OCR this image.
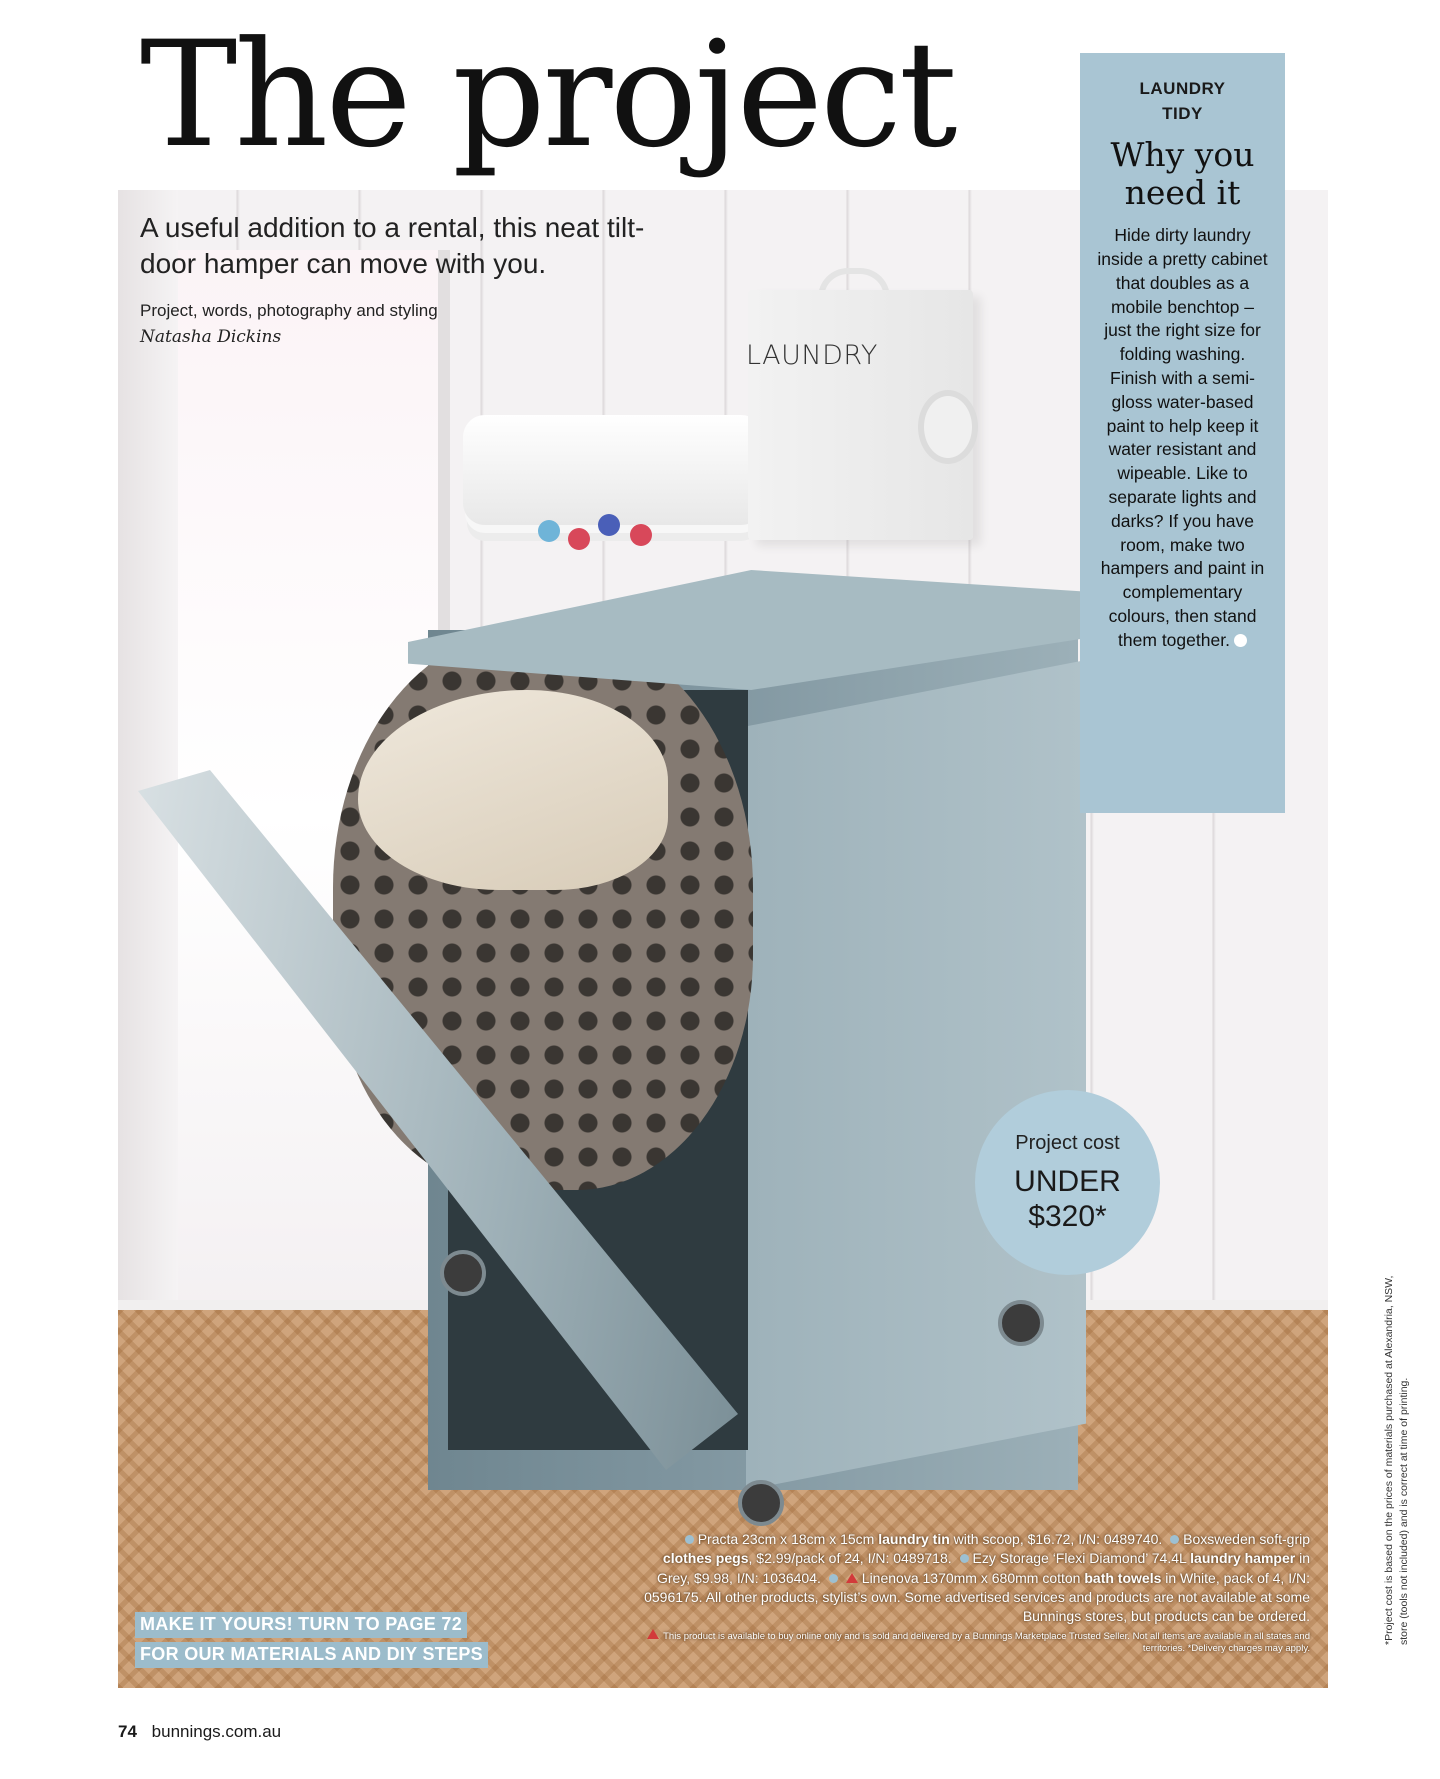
The project
LAUNDRY

A useful addition to a rental, this neat tilt-door hamper can move with you.

Project, words, photography and styling Natasha Dickins

LAUNDRY
TIDY

Why you
need it

Hide dirty laundry inside a pretty cabinet that doubles as a mobile benchtop – just the right size for folding washing. Finish with a semi-gloss water-based paint to help keep it water resistant and wipeable. Like to separate lights and darks? If you have room, make two hampers and paint in complementary colours, then stand them together.

Project cost
UNDER
$320*

Practa 23cm x 18cm x 15cm laundry tin with scoop, $16.72, I/N: 0489740. Boxsweden soft-grip clothes pegs, $2.99/pack of 24, I/N: 0489718. Ezy Storage ‘Flexi Diamond’ 74.4L laundry hamper in Grey, $9.98, I/N: 1036404.	Linenova 1370mm x 680mm cotton bath towels in White, pack of 4, I/N: 0596175. All other products, stylist’s own. Some advertised services and products are not available at some Bunnings stores, but products can be ordered.
This product is available to buy online only and is sold and delivered by a Bunnings Marketplace Trusted Seller. Not all items are available in all states and territories. *Delivery charges may apply.

MAKE IT YOURS! TURN TO PAGE 72
FOR OUR MATERIALS AND DIY STEPS
*Project cost is based on the prices of materials purchased at Alexandria, NSW, store (tools not included) and is correct at time of printing.
74 bunnings.com.au
